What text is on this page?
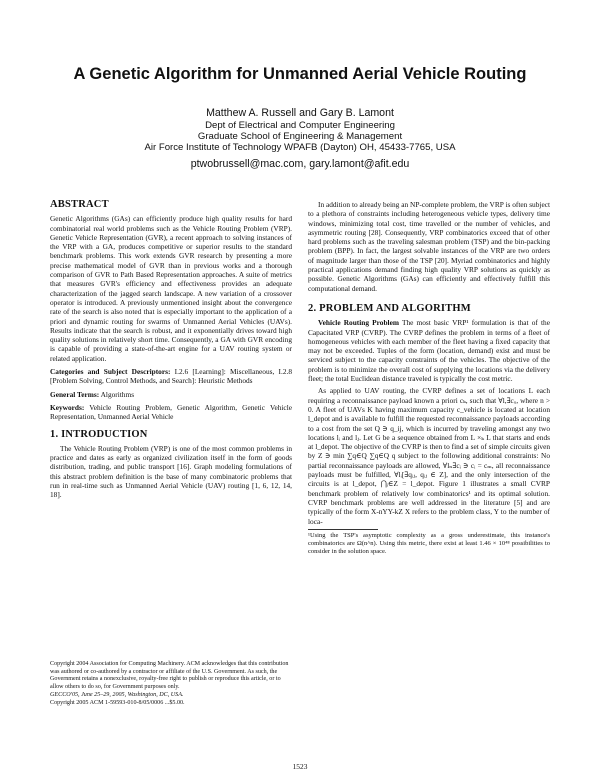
A Genetic Algorithm for Unmanned Aerial Vehicle Routing
Matthew A. Russell and Gary B. Lamont
Dept of Electrical and Computer Engineering
Graduate School of Engineering & Management
Air Force Institute of Technology WPAFB (Dayton) OH, 45433-7765, USA
ptwobrussell@mac.com, gary.lamont@afit.edu
ABSTRACT

Genetic Algorithms (GAs) can efficiently produce high quality results for hard combinatorial real world problems such as the Vehicle Routing Problem (VRP). Genetic Vehicle Representation (GVR), a recent approach to solving instances of the VRP with a GA, produces competitive or superior results to the standard benchmark problems. This work extends GVR research by presenting a more precise mathematical model of GVR than in previous works and a thorough comparison of GVR to Path Based Representation approaches. A suite of metrics that measures GVR's efficiency and effectiveness provides an adequate characterization of the jagged search landscape. A new variation of a crossover operator is introduced. A previously unmentioned insight about the convergence rate of the search is also noted that is especially important to the application of a priori and dynamic routing for swarms of Unmanned Aerial Vehicles (UAVs). Results indicate that the search is robust, and it exponentially drives toward high quality solutions in relatively short time. Consequently, a GA with GVR encoding is capable of providing a state-of-the-art engine for a UAV routing system or related application.

Categories and Subject Descriptors: I.2.6 [Learning]: Miscellaneous, I.2.8 [Problem Solving, Control Methods, and Search]: Heuristic Methods

General Terms: Algorithms

Keywords: Vehicle Routing Problem, Genetic Algorithm, Genetic Vehicle Representation, Unmanned Aerial Vehicle

1. INTRODUCTION

The Vehicle Routing Problem (VRP) is one of the most common problems in practice and dates as early as organized civilization itself in the form of goods distribution, trading, and public transport [16]. Graph modeling formulations of this abstract problem definition is the base of many combinatoric problems that run in real-time such as Unmanned Aerial Vehicle (UAV) routing [1, 6, 12, 14, 18].

Copyright 2004 Association for Computing Machinery. ACM acknowledges that this contribution was authored or co-authored by a contractor or affiliate of the U.S. Government. As such, the Government retains a nonexclusive, royalty-free right to publish or reproduce this article, or to allow others to do so, for Government purposes only.
GECCO'05, June 25–29, 2005, Washington, DC, USA.
Copyright 2005 ACM 1-59593-010-8/05/0006 ...$5.00.

In addition to already being an NP-complete problem, the VRP is often subject to a plethora of constraints including heterogeneous vehicle types, delivery time windows, minimizing total cost, time travelled or the number of vehicles, and asymmetric routing [28]. Consequently, VRP combinatorics exceed that of other hard problems such as the traveling salesman problem (TSP) and the bin-packing problem (BPP). In fact, the largest solvable instances of the VRP are two orders of magnitude larger than those of the TSP [20]. Myriad combinatorics and highly practical applications demand finding high quality VRP solutions as quickly as possible. Genetic Algorithms (GAs) can efficiently and effectively fulfill this computational demand.

2. PROBLEM AND ALGORITHM

Vehicle Routing Problem The most basic VRP¹ formulation is that of the Capacitated VRP (CVRP). The CVRP defines the problem in terms of a fleet of homogeneous vehicles with each member of the fleet having a fixed capacity that may not be exceeded. Tuples of the form (location, demand) exist and must be serviced subject to the capacity constraints of the vehicles. The objective of the problem is to minimize the overall cost of supplying the locations via the delivery fleet; the total Euclidean distance traveled is typically the cost metric.

As applied to UAV routing, the CVRP defines a set of locations L each requiring a reconnaissance payload known a priori cₖ, such that ∀l,∃cᵤ, where n > 0. A fleet of UAVs K having maximum capacity c_vehicle is located at location l_depot and is available to fulfill the requested reconnaissance payloads according to a cost from the set Q ∋ q_ij, which is incurred by traveling amongst any two locations lᵢ and lⱼ. Let G be a sequence obtained from L ×ₖ L that starts and ends at l_depot. The objective of the CVRP is then to find a set of simple circuits given by Z ∋ min ∑q∈Q ∑q∈Q q subject to the following additional constraints: No partial reconnaissance payloads are allowed, ∀lₙ∃cᵢ ∋ cᵢ = cₘ, all reconnaissance payloads must be fulfilled, ∀lᵢ[∃qᵢⱼ, qᵢⱼ ∈ Z], and the only intersection of the circuits is at l_depot, ⋂ᵢ∈Z = l_depot. Figure 1 illustrates a small CVRP benchmark problem of relatively low combinatorics¹ and its optimal solution. CVRP benchmark problems are well addressed in the literature [5] and are typically of the form X-nYY-kZ X refers to the problem class, Y to the number of loca-

¹Using the TSP's asymptotic complexity as a gross underestimate, this instance's combinatorics are Ω(n^n). Using this metric, there exist at least 1.46 × 10⁴⁸ possibilities to consider in the solution space.
1523
